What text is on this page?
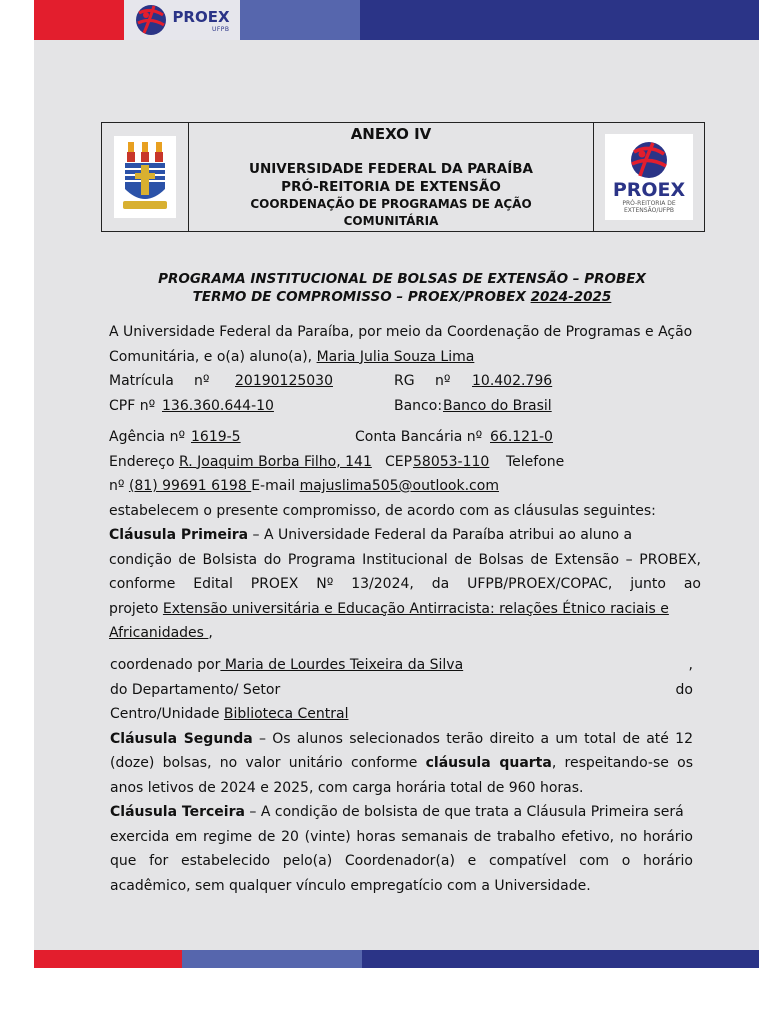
PROEX
UFPB
ANEXO IV
UNIVERSIDADE FEDERAL DA PARAÍBA
PRÓ-REITORIA DE EXTENSÃO
COORDENAÇÃO DE PROGRAMAS DE AÇÃO
COMUNITÁRIA
PROEX
PRÓ-REITORIA DE EXTENSÃO/UFPB
PROGRAMA INSTITUCIONAL DE BOLSAS DE EXTENSÃO – PROBEX
TERMO DE COMPROMISSO – PROEX/PROBEX 2024-2025
A Universidade Federal da Paraíba, por meio da Coordenação de Programas e Ação
Comunitária, e o(a) aluno(a), Maria Julia Souza Lima
Matrícula nº 20190125030	RG nº 10.402.796
CPF nº 136.360.644-10	Banco: Banco do Brasil
Agência nº 1619-5	Conta Bancária nº 66.121-0
Endereço R. Joaquim Borba Filho, 141 CEP 58053-110 Telefone
nº (81) 99691 6198 E-mail majuslima505@outlook.com
estabelecem o presente compromisso, de acordo com as cláusulas seguintes:
Cláusula Primeira – A Universidade Federal da Paraíba atribui ao aluno a
condição de Bolsista do Programa Institucional de Bolsas de Extensão – PROBEX,
conforme Edital PROEX Nº 13/2024, da UFPB/PROEX/COPAC, junto ao
projeto Extensão universitária e Educação Antirracista: relações Étnico raciais e
Africanidades ,
coordenado por Maria de Lourdes Teixeira da Silva	,
do Departamento/ Setor	do
Centro/Unidade Biblioteca Central
Cláusula Segunda – Os alunos selecionados terão direito a um total de até 12
(doze) bolsas, no valor unitário conforme cláusula quarta, respeitando-se os
anos letivos de 2024 e 2025, com carga horária total de 960 horas.
Cláusula Terceira – A condição de bolsista de que trata a Cláusula Primeira será
exercida em regime de 20 (vinte) horas semanais de trabalho efetivo, no horário
que for estabelecido pelo(a) Coordenador(a) e compatível com o horário
acadêmico, sem qualquer vínculo empregatício com a Universidade.
